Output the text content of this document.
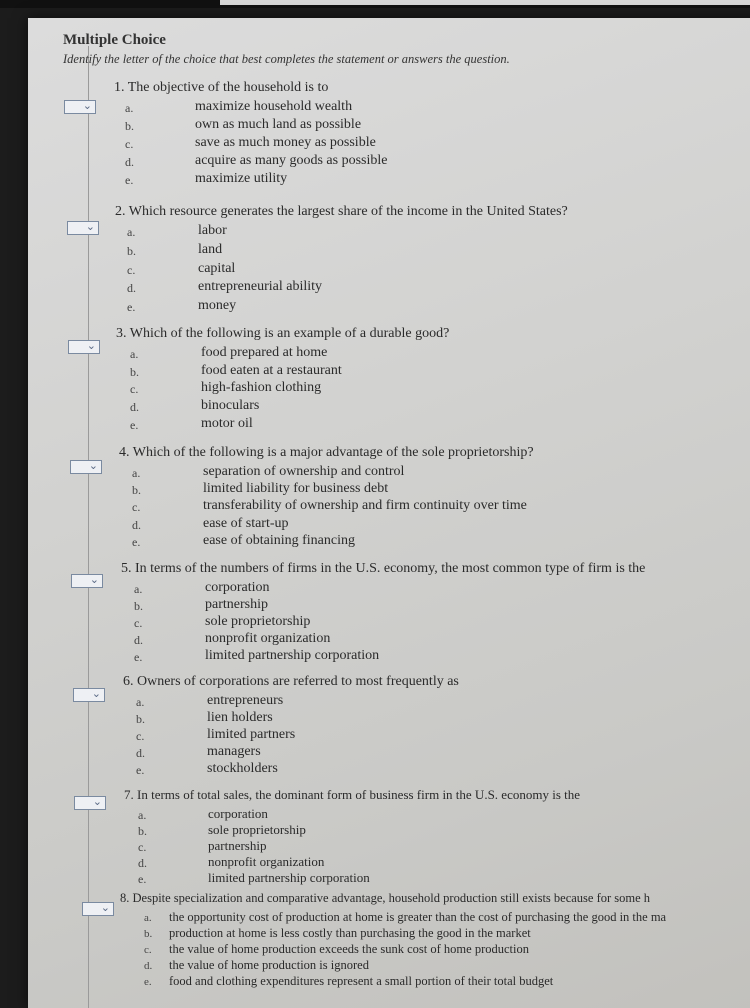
Multiple Choice
Identify the letter of the choice that best completes the statement or answers the question.
⌄
1. The objective of the household is to
a.	maximize household wealth
b.	own as much land as possible
c.	save as much money as possible
d.	acquire as many goods as possible
e.	maximize utility
⌄
2. Which resource generates the largest share of the income in the United States?
a.	labor
b.	land
c.	capital
d.	entrepreneurial ability
e.	money
⌄
3. Which of the following is an example of a durable good?
a.	food prepared at home
b.	food eaten at a restaurant
c.	high-fashion clothing
d.	binoculars
e.	motor oil
⌄
4. Which of the following is a major advantage of the sole proprietorship?
a.	separation of ownership and control
b.	limited liability for business debt
c.	transferability of ownership and firm continuity over time
d.	ease of start-up
e.	ease of obtaining financing
⌄
5. In terms of the numbers of firms in the U.S. economy, the most common type of firm is the
a.	corporation
b.	partnership
c.	sole proprietorship
d.	nonprofit organization
e.	limited partnership corporation
⌄
6. Owners of corporations are referred to most frequently as
a.	entrepreneurs
b.	lien holders
c.	limited partners
d.	managers
e.	stockholders
⌄ 7. In terms of total sales, the dominant form of business firm in the U.S. economy is the
a.	corporation
b.	sole proprietorship
c.	partnership
d.	nonprofit organization
e.	limited partnership corporation
⌄
8. Despite specialization and comparative advantage, household production still exists because for some h
a. the opportunity cost of production at home is greater than the cost of purchasing the good in the ma
b. production at home is less costly than purchasing the good in the market
c. the value of home production exceeds the sunk cost of home production
d. the value of home production is ignored
e. food and clothing expenditures represent a small portion of their total budget
